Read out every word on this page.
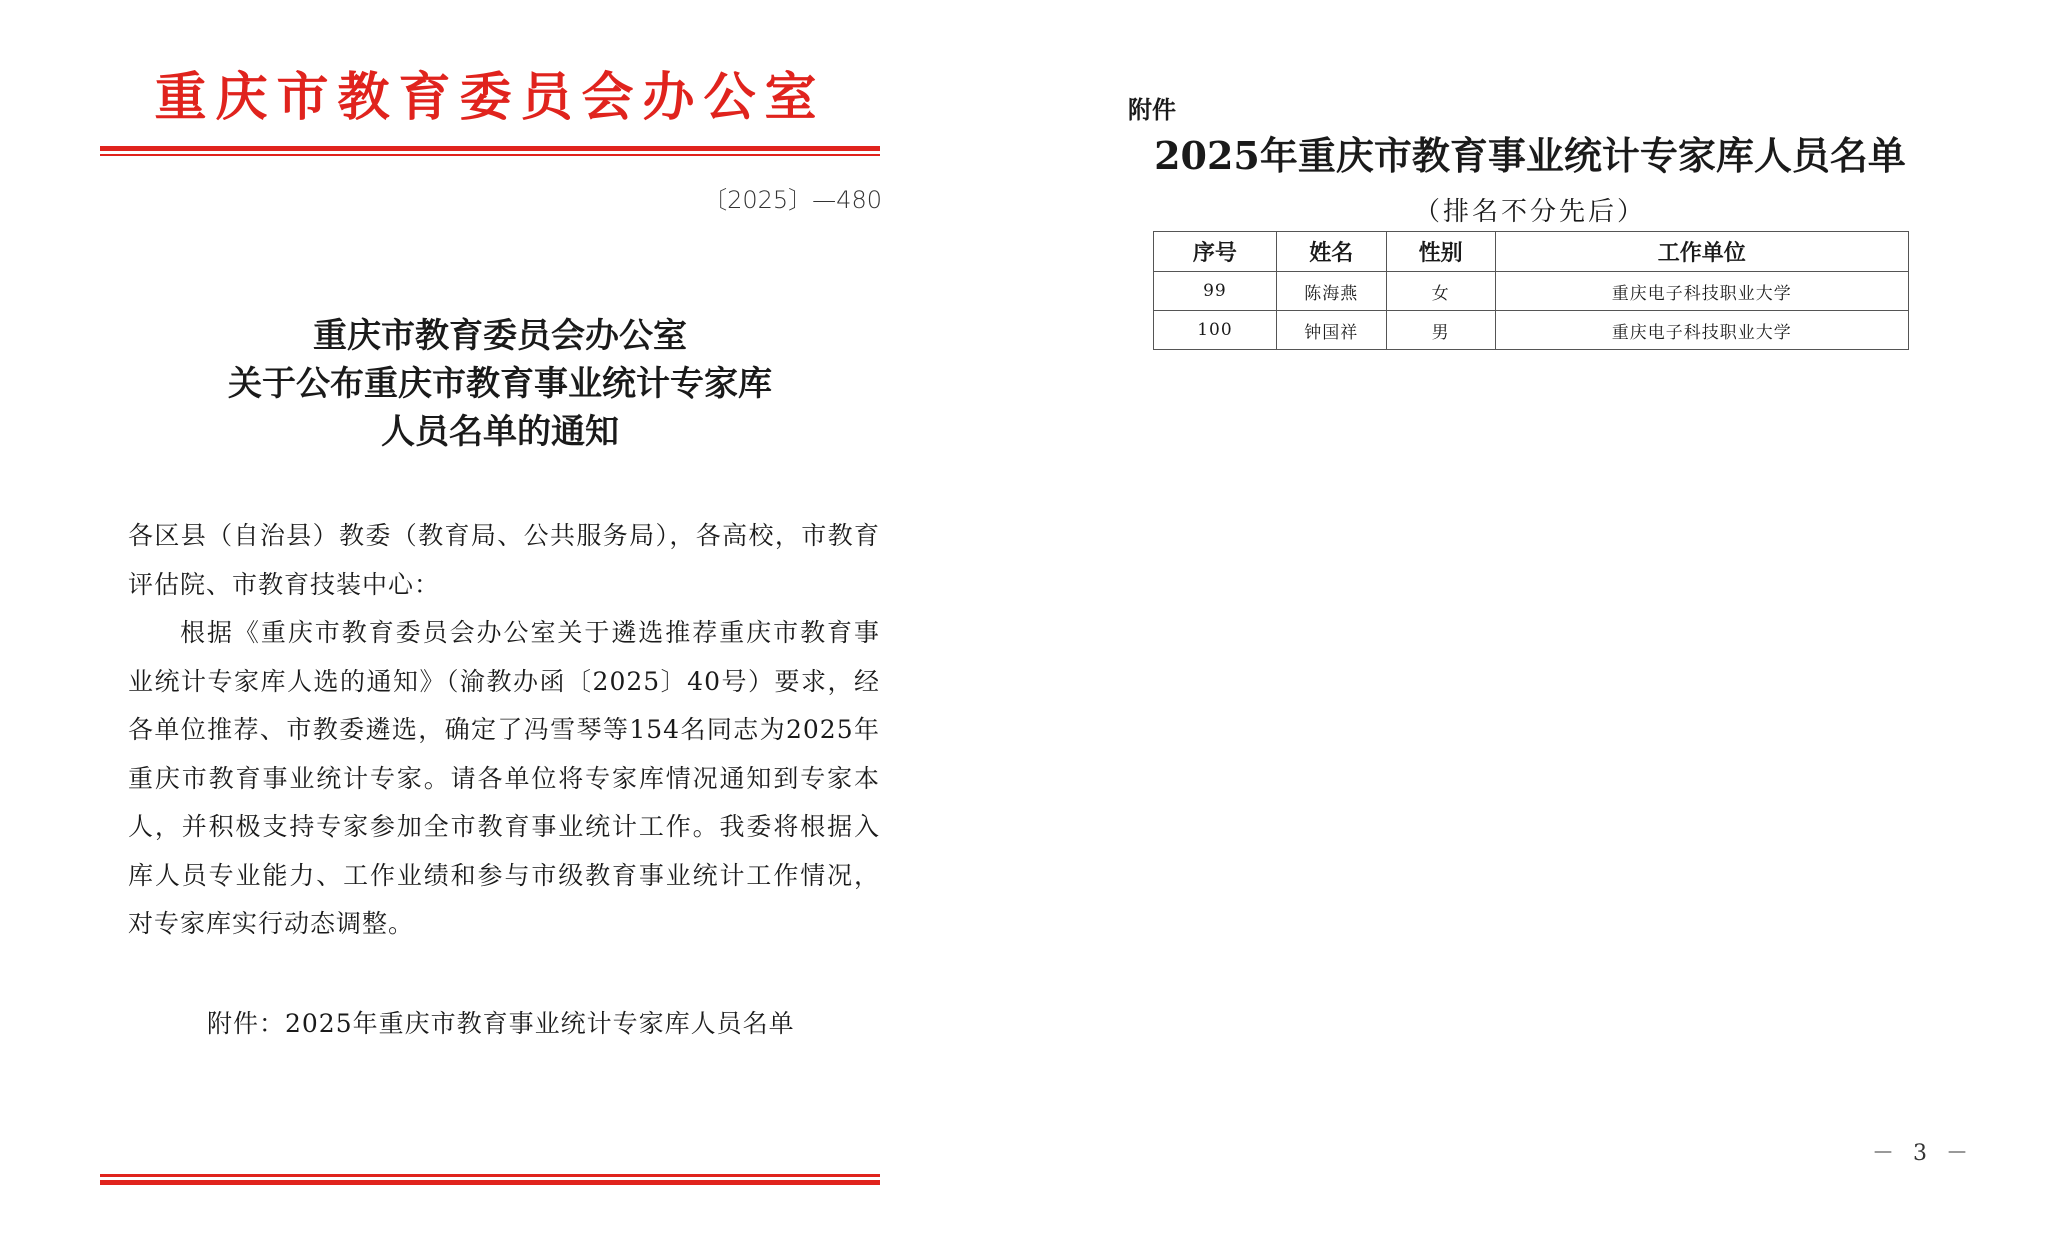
重庆市教育委员会办公室
〔2025〕—480
重庆市教育委员会办公室
关于公布重庆市教育事业统计专家库
人员名单的通知

各区县（自治县）教委（教育局、公共服务局），各高校，市教育评估院、市教育技装中心：

根据《重庆市教育委员会办公室关于遴选推荐重庆市教育事业统计专家库人选的通知》（渝教办函〔2025〕40号）要求，经各单位推荐、市教委遴选，确定了冯雪琴等154名同志为2025年重庆市教育事业统计专家。请各单位将专家库情况通知到专家本人，并积极支持专家参加全市教育事业统计工作。我委将根据入库人员专业能力、工作业绩和参与市级教育事业统计工作情况，对专家库实行动态调整。

附件：2025年重庆市教育事业统计专家库人员名单
附件
2025年重庆市教育事业统计专家库人员名单
（排名不分先后）
序号	姓名	性别	工作单位
99	陈海燕	女	重庆电子科技职业大学
100	钟国祥	男	重庆电子科技职业大学
－ 3 －
